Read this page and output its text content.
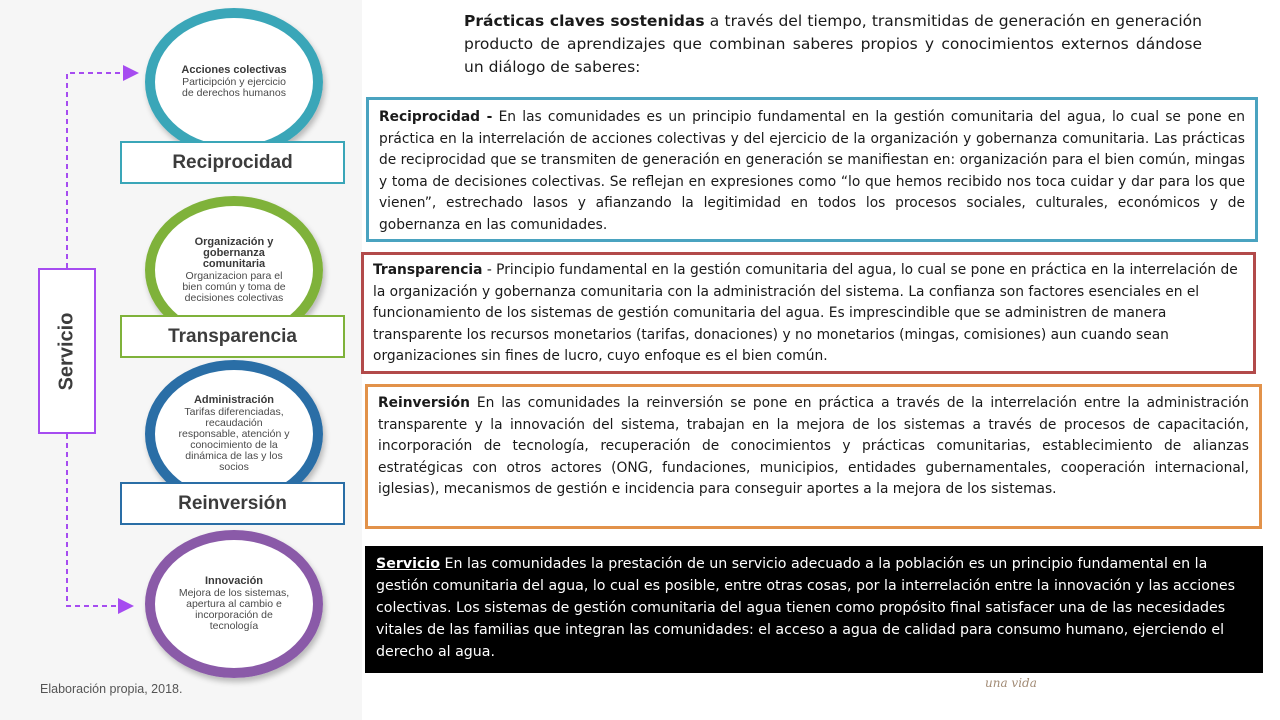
Acciones colectivas
Participción y ejercicio de derechos humanos
Reciprocidad
Organización y gobernanza comunitaria
Organizacion para el bien común y toma de decisiones colectivas
Transparencia
Administración
Tarifas diferenciadas, recaudación responsable, atención y conocimiento de la dinámica de las y los socios
Reinversión
Innovación
Mejora de los sistemas, apertura al cambio e incorporación de tecnología
Servicio
Elaboración propia, 2018.

Prácticas claves sostenidas a través del tiempo, transmitidas de generación en generación producto de aprendizajes que combinan saberes propios y conocimientos externos dándose un diálogo de saberes:

Reciprocidad - En las comunidades es un principio fundamental en la gestión comunitaria del agua, lo cual se pone en práctica en la interrelación de acciones colectivas y del ejercicio de la organización y gobernanza comunitaria. Las prácticas de reciprocidad que se transmiten de generación en generación se manifiestan en: organización para el bien común, mingas y toma de decisiones colectivas. Se reflejan en expresiones como “lo que hemos recibido nos toca cuidar y dar para los que vienen”, estrechado lasos y afianzando la legitimidad en todos los procesos sociales, culturales, económicos y de gobernanza en las comunidades.
Transparencia - Principio fundamental en la gestión comunitaria del agua, lo cual se pone en práctica en la interrelación de la organización y gobernanza comunitaria con la administración del sistema. La confianza son factores esenciales en el funcionamiento de los sistemas de gestión comunitaria del agua. Es imprescindible que se administren de manera transparente los recursos monetarios (tarifas, donaciones) y no monetarios (mingas, comisiones) aun cuando sean organizaciones sin fines de lucro, cuyo enfoque es el bien común.
Reinversión En las comunidades la reinversión se pone en práctica a través de la interrelación entre la administración transparente y la innovación del sistema, trabajan en la mejora de los sistemas a través de procesos de capacitación, incorporación de tecnología, recuperación de conocimientos y prácticas comunitarias, establecimiento de alianzas estratégicas con otros actores (ONG, fundaciones, municipios, entidades gubernamentales, cooperación internacional, iglesias), mecanismos de gestión e incidencia para conseguir aportes a la mejora de los sistemas.
Servicio En las comunidades la prestación de un servicio adecuado a la población es un principio fundamental en la gestión comunitaria del agua, lo cual es posible, entre otras cosas, por la interrelación entre la innovación y las acciones colectivas. Los sistemas de gestión comunitaria del agua tienen como propósito final satisfacer una de las necesidades vitales de las familias que integran las comunidades: el acceso a agua de calidad para consumo humano, ejerciendo el derecho al agua.
una vida
